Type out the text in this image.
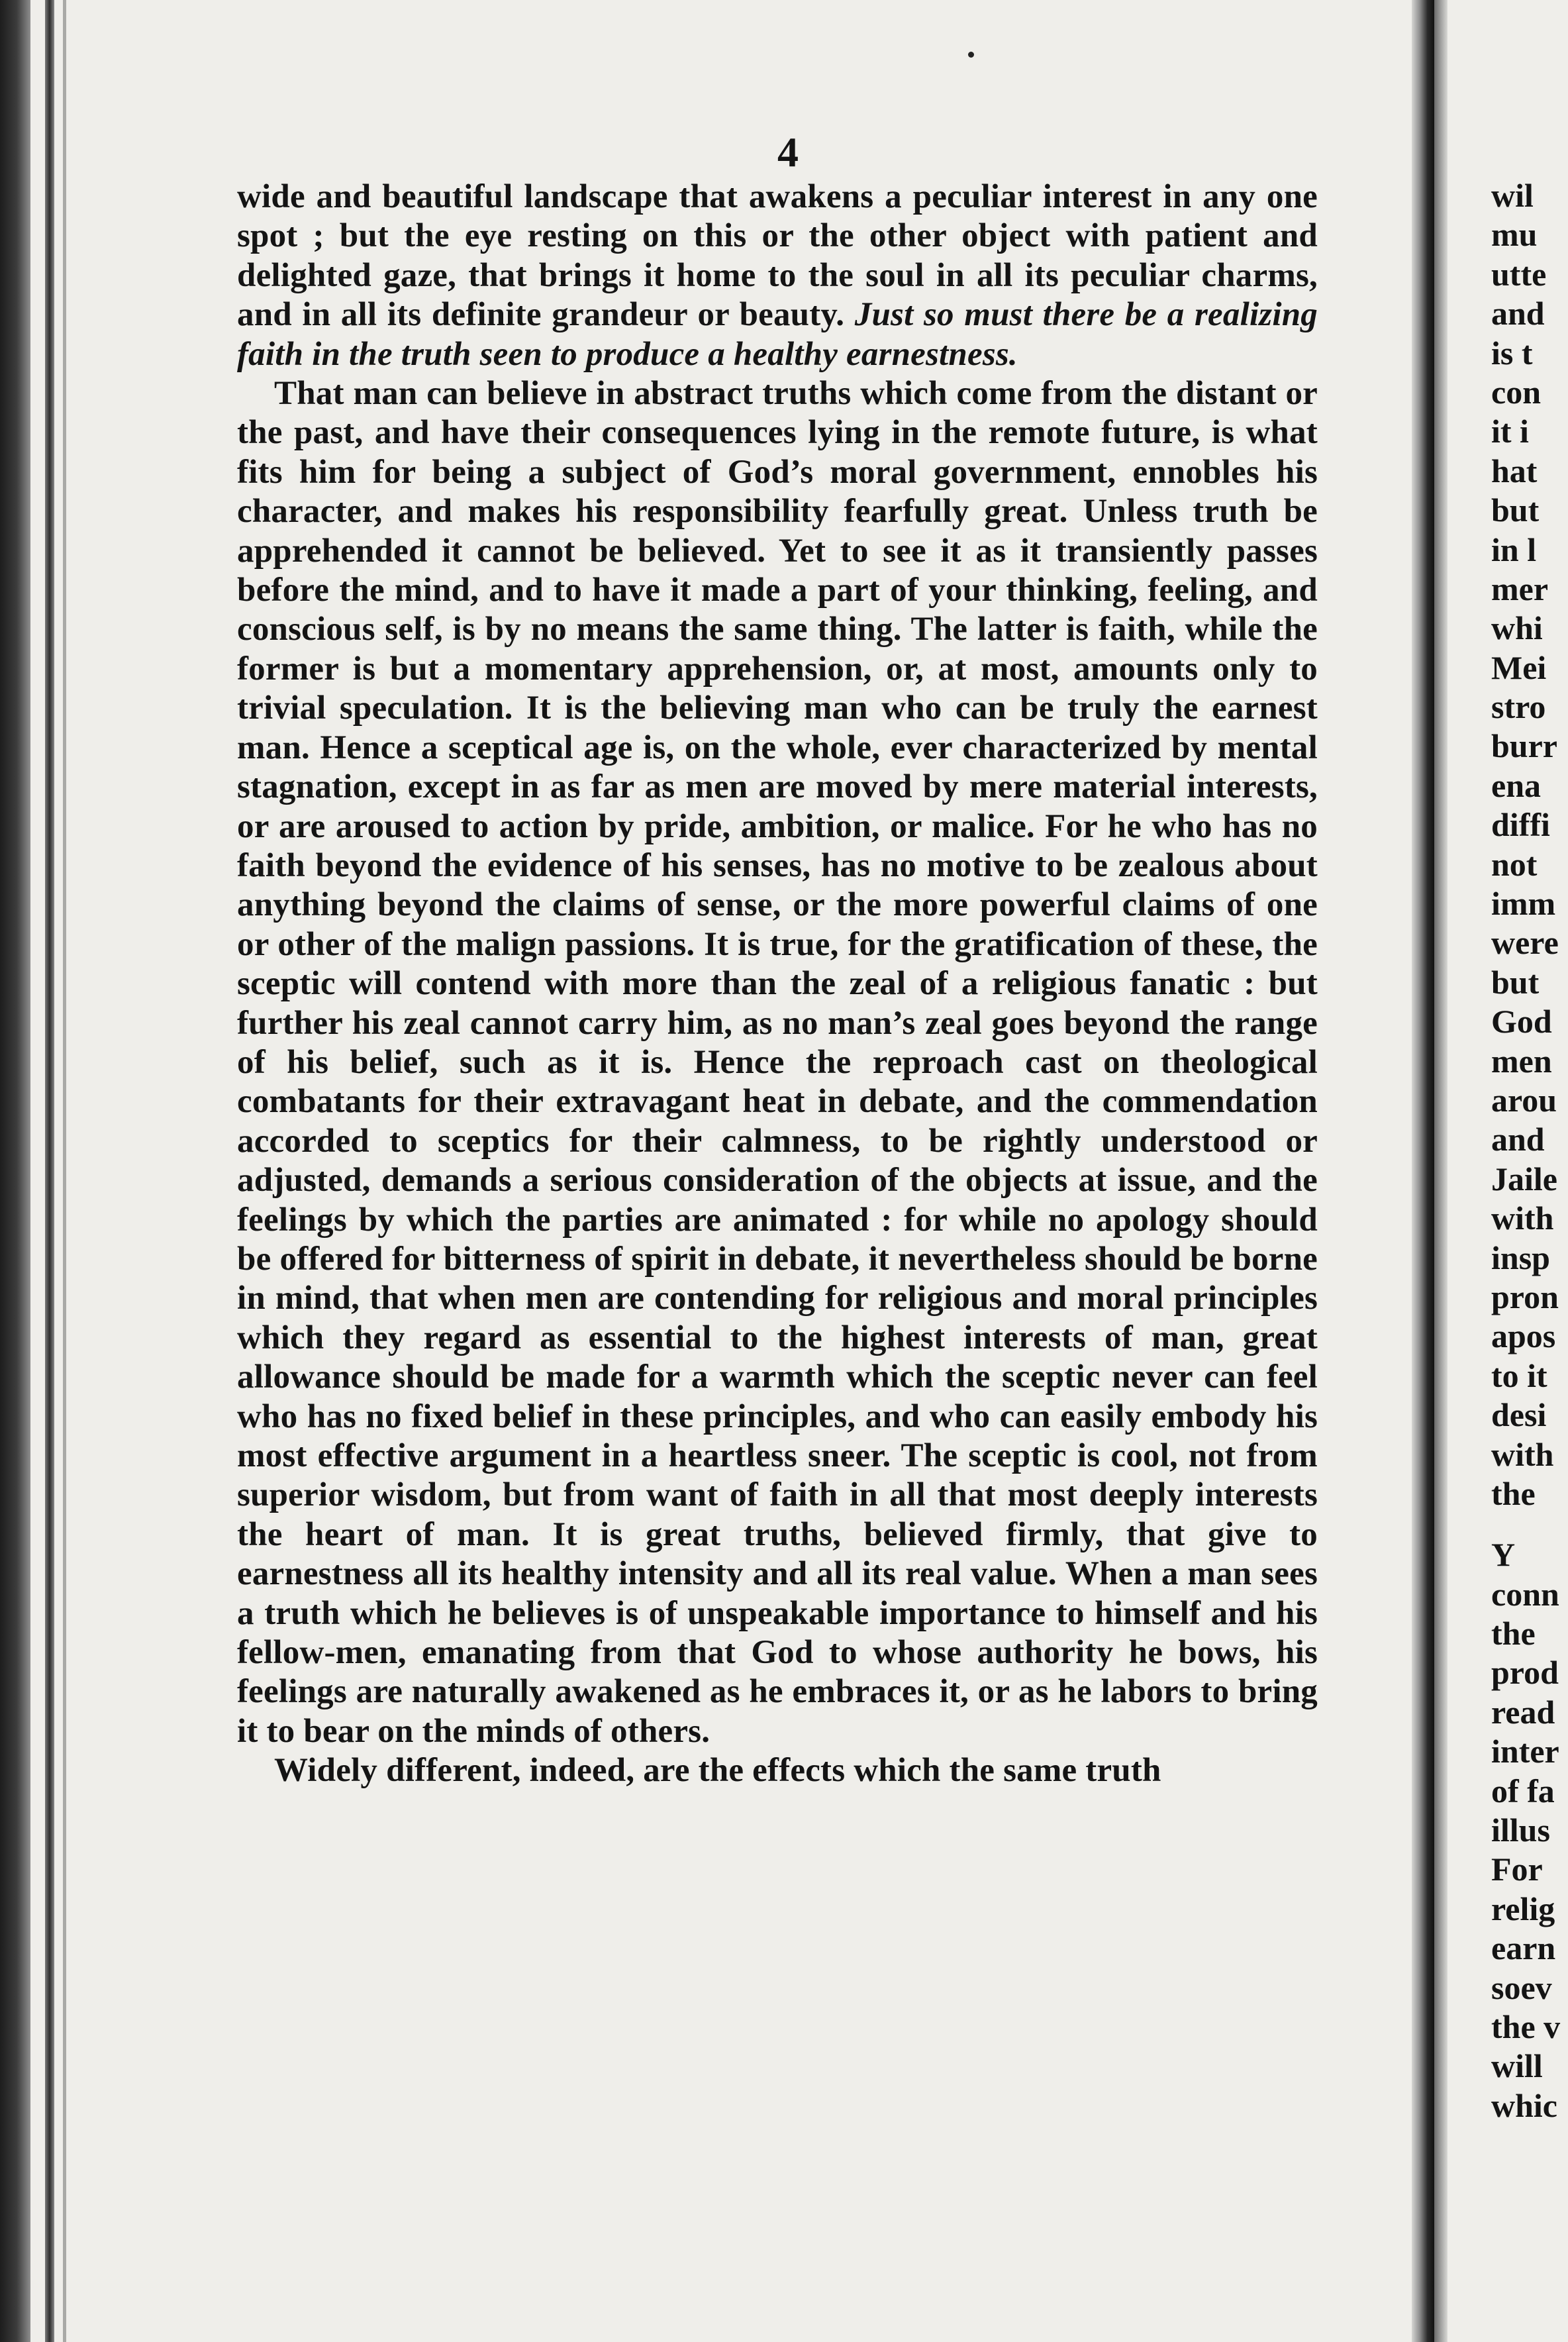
4

wide and beautiful landscape that awakens a peculiar interest in any one spot ; but the eye resting on this or the other object with patient and delighted gaze, that brings it home to the soul in all its peculiar charms, and in all its definite grandeur or beauty. Just so must there be a realizing faith in the truth seen to produce a healthy earnestness.

That man can believe in abstract truths which come from the distant or the past, and have their consequences lying in the remote future, is what fits him for being a subject of God’s moral government, ennobles his character, and makes his responsibility fearfully great. Unless truth be apprehended it cannot be believed. Yet to see it as it transiently passes before the mind, and to have it made a part of your thinking, feeling, and conscious self, is by no means the same thing. The latter is faith, while the former is but a momentary apprehension, or, at most, amounts only to trivial speculation. It is the believing man who can be truly the earnest man. Hence a sceptical age is, on the whole, ever characterized by mental stagnation, except in as far as men are moved by mere material interests, or are aroused to action by pride, ambition, or malice. For he who has no faith beyond the evidence of his senses, has no motive to be zealous about anything beyond the claims of sense, or the more powerful claims of one or other of the malign passions. It is true, for the gratification of these, the sceptic will contend with more than the zeal of a religious fanatic : but further his zeal cannot carry him, as no man’s zeal goes beyond the range of his belief, such as it is. Hence the reproach cast on theological combatants for their extravagant heat in debate, and the commendation accorded to sceptics for their calmness, to be rightly understood or adjusted, demands a serious consideration of the objects at issue, and the feelings by which the parties are animated : for while no apology should be offered for bitterness of spirit in debate, it nevertheless should be borne in mind, that when men are contending for religious and moral principles which they regard as essential to the highest interests of man, great allowance should be made for a warmth which the sceptic never can feel who has no fixed belief in these principles, and who can easily embody his most effective argument in a heartless sneer. The sceptic is cool, not from superior wisdom, but from want of faith in all that most deeply interests the heart of man. It is great truths, believed firmly, that give to earnestness all its healthy intensity and all its real value. When a man sees a truth which he believes is of unspeakable importance to himself and his fellow-men, emanating from that God to whose authority he bows, his feelings are naturally awakened as he embraces it, or as he labors to bring it to bear on the minds of others.

Widely different, indeed, are the effects which the same truth

wil
mu
utte
and
is t
con
it i
hat
but
in l
mer
whi
Mei
stro
burr
ena
diffi
not
imm
were
but
God
men
arou
and
Jaile
with
insp
pron
apos
to it
desi
with
the
Y
conn
the
prod
read
inter
of fa
illus
For
relig
earn
soev
the v
will
whic
